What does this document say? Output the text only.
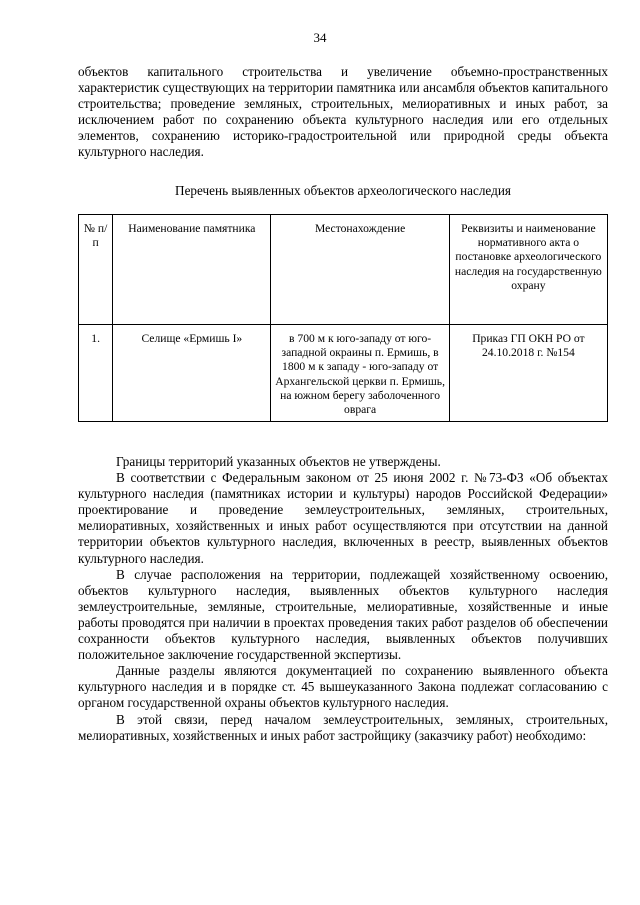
34

объектов капитального строительства и увеличение объемно-пространственных характеристик существующих на территории памятника или ансамбля объектов капитального строительства; проведение земляных, строительных, мелиоративных и иных работ, за исключением работ по сохранению объекта культурного наследия или его отдельных элементов, сохранению историко-градостроительной или природной среды объекта культурного наследия.

Перечень выявленных объектов археологического наследия
№ п/п	Наименование памятника	Местонахождение	Реквизиты и наименование нормативного акта о постановке археологического наследия на государственную охрану
1.	Селище «Ермишь I»	в 700 м к юго-западу от юго-западной окраины п. Ермишь, в 1800 м к западу - юго-западу от Архангельской церкви п. Ермишь, на южном берегу заболоченного оврага	Приказ ГП ОКН РО от 24.10.2018 г. №154

Границы территорий указанных объектов не утверждены.

В соответствии с Федеральным законом от 25 июня 2002 г. №73-ФЗ «Об объектах культурного наследия (памятниках истории и культуры) народов Российской Федерации» проектирование и проведение землеустроительных, земляных, строительных, мелиоративных, хозяйственных и иных работ осуществляются при отсутствии на данной территории объектов культурного наследия, включенных в реестр, выявленных объектов культурного наследия.

В случае расположения на территории, подлежащей хозяйственному освоению, объектов культурного наследия, выявленных объектов культурного наследия землеустроительные, земляные, строительные, мелиоративные, хозяйственные и иные работы проводятся при наличии в проектах проведения таких работ разделов об обеспечении сохранности объектов культурного наследия, выявленных объектов получивших положительное заключение государственной экспертизы.

Данные разделы являются документацией по сохранению выявленного объекта культурного наследия и в порядке ст. 45 вышеуказанного Закона подлежат согласованию с органом государственной охраны объектов культурного наследия.

В этой связи, перед началом землеустроительных, земляных, строительных, мелиоративных, хозяйственных и иных работ застройщику (заказчику работ) необходимо:
